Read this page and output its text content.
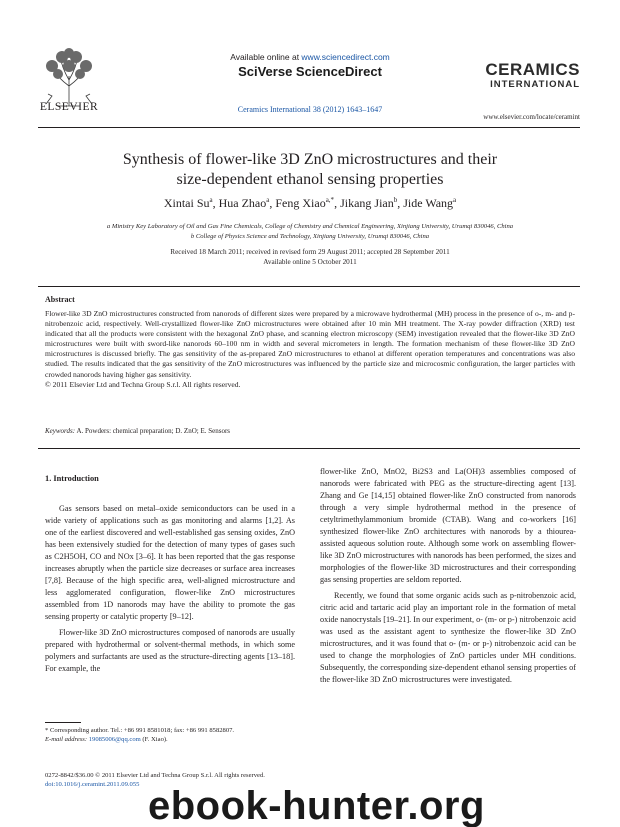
ELSEVIER
Available online at www.sciencedirect.com
SciVerse ScienceDirect
Ceramics International 38 (2012) 1643–1647
CERAMICS
INTERNATIONAL
www.elsevier.com/locate/ceramint
Synthesis of flower-like 3D ZnO microstructures and their
size-dependent ethanol sensing properties
Xintai Su$^a$, Hua Zhao$^a$, Feng Xiao$^{a,*}$, Jikang Jian$^b$, Jide Wang$^a$
a Ministry Key Laboratory of Oil and Gas Fine Chemicals, College of Chemistry and Chemical Engineering, Xinjiang University, Urumqi 830046, China
b College of Physics Science and Technology, Xinjiang University, Urumqi 830046, China
Received 18 March 2011; received in revised form 29 August 2011; accepted 28 September 2011
Available online 5 October 2011
Abstract
Flower-like 3D ZnO microstructures constructed from nanorods of different sizes were prepared by a microwave hydrothermal (MH) process in the presence of o-, m- and p-nitrobenzoic acid, respectively. Well-crystallized flower-like ZnO microstructures were obtained after 10 min MH treatment. The X-ray powder diffraction (XRD) test indicated that all the products were consistent with the hexagonal ZnO phase, and scanning electron microscopy (SEM) investigation revealed that the flower-like 3D ZnO microstructures were built with sword-like nanorods 60–100 nm in width and several micrometers in length. The formation mechanism of these flower-like 3D ZnO microstructures is discussed briefly. The gas sensitivity of the as-prepared ZnO microstructures to ethanol at different operation temperatures and concentrations was also studied. The results indicated that the gas sensitivity of the ZnO microstructures was influenced by the particle size and microcosmic configuration, the larger particles with crowded nanorods having higher gas sensitivity.
© 2011 Elsevier Ltd and Techna Group S.r.l. All rights reserved.
Keywords: A. Powders: chemical preparation; D. ZnO; E. Sensors
1. Introduction
Gas sensors based on metal–oxide semiconductors can be used in a wide variety of applications such as gas monitoring and alarms [1,2]. As one of the earliest discovered and well-established gas sensing oxides, ZnO has been extensively studied for the detection of many types of gases such as C2H5OH, CO and NOx [3–6]. It has been reported that the gas response increases abruptly when the particle size decreases or surface area increases [7,8]. Because of the high specific area, well-aligned microstructure and less agglomerated configuration, flower-like ZnO microstructures assembled from 1D nanorods may have the ability to promote the gas sensing property or catalytic property [9–12].
Flower-like 3D ZnO microstructures composed of nanorods are usually prepared with hydrothermal or solvent-thermal methods, in which some polymers and surfactants are used as the structure-directing agents [13–18]. For example, the
flower-like ZnO, MnO2, Bi2S3 and La(OH)3 assemblies composed of nanorods were fabricated with PEG as the structure-directing agent [13]. Zhang and Ge [14,15] obtained flower-like ZnO constructed from nanorods through a very simple hydrothermal method in the presence of cetyltrimethylammonium bromide (CTAB). Wang and co-workers [16] synthesized flower-like ZnO architectures with nanorods by a thiourea-assisted aqueous solution route. Although some work on assembling flower-like 3D ZnO microstructures with nanorods has been performed, the sizes and morphologies of the flower-like 3D microstructures and their corresponding gas sensing properties are seldom reported.
Recently, we found that some organic acids such as p-nitrobenzoic acid, citric acid and tartaric acid play an important role in the formation of metal oxide nanocrystals [19–21]. In our experiment, o- (m- or p-) nitrobenzoic acid was used as the assistant agent to synthesize the flower-like 3D ZnO microstructures, and it was found that o- (m- or p-) nitrobenzoic acid can be used to change the morphologies of ZnO particles under MH conditions. Subsequently, the corresponding size-dependent ethanol sensing properties of the flower-like 3D ZnO microstructures were investigated.
* Corresponding author. Tel.: +86 991 8581018; fax: +86 991 8582807.
E-mail address: 19085006@qq.com (F. Xiao).
0272-8842/$36.00 © 2011 Elsevier Ltd and Techna Group S.r.l. All rights reserved.
doi:10.1016/j.ceramint.2011.09.055 ebook-hunter.org
